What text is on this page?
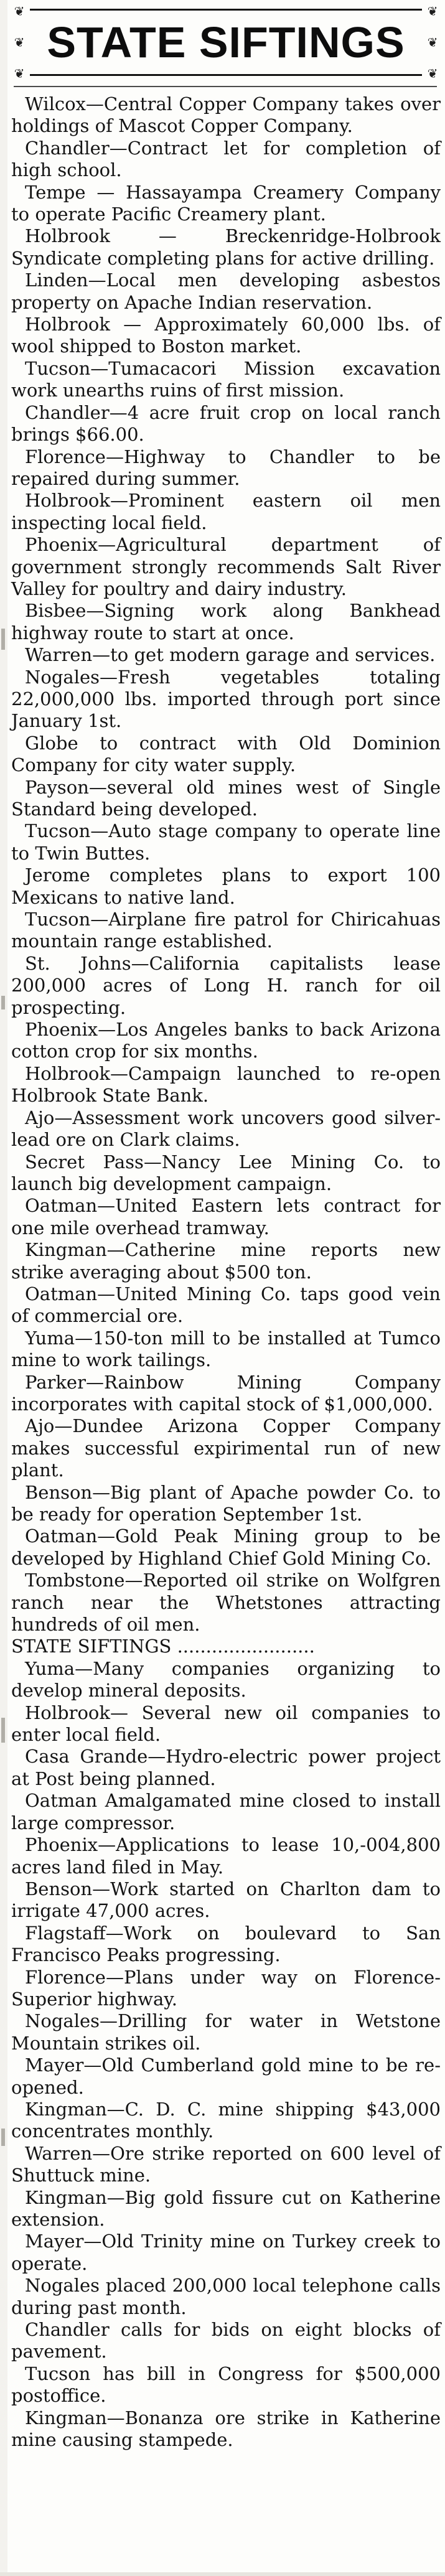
❦
❦
❦
STATE SIFTINGS
❦
❦
❦
Wilcox—Central Copper Company takes over holdings of Mascot Copper Company.
Chandler—Contract let for completion of high school.
Tempe — Hassayampa Creamery Company to operate Pacific Creamery plant.
Holbrook — Breckenridge-Holbrook Syndicate completing plans for active drilling.
Linden—Local men developing asbestos property on Apache Indian reservation.
Holbrook — Approximately 60,000 lbs. of wool shipped to Boston market.
Tucson—Tumacacori Mission excavation work unearths ruins of first mission.
Chandler—4 acre fruit crop on local ranch brings $66.00.
Florence—Highway to Chandler to be repaired during summer.
Holbrook—Prominent eastern oil men inspecting local field.
Phoenix—Agricultural department of government strongly recommends Salt River Valley for poultry and dairy industry.
Bisbee—Signing work along Bankhead highway route to start at once.
Warren—to get modern garage and services.
Nogales—Fresh vegetables totaling 22,000,000 lbs. imported through port since January 1st.
Globe to contract with Old Dominion Company for city water supply.
Payson—several old mines west of Single Standard being developed.
Tucson—Auto stage company to operate line to Twin Buttes.
Jerome completes plans to export 100 Mexicans to native land.
Tucson—Airplane fire patrol for Chiricahuas mountain range established.
St. Johns—California capitalists lease 200,000 acres of Long H. ranch for oil prospecting.
Phoenix—Los Angeles banks to back Arizona cotton crop for six months.
Holbrook—Campaign launched to re-open Holbrook State Bank.
Ajo—Assessment work uncovers good silver-lead ore on Clark claims.
Secret Pass—Nancy Lee Mining Co. to launch big development campaign.
Oatman—United Eastern lets contract for one mile overhead tramway.
Kingman—Catherine mine reports new strike averaging about $500 ton.
Oatman—United Mining Co. taps good vein of commercial ore.
Yuma—150-ton mill to be installed at Tumco mine to work tailings.
Parker—Rainbow Mining Company incorporates with capital stock of $1,000,000.
Ajo—Dundee Arizona Copper Company makes successful expirimental run of new plant.
Benson—Big plant of Apache powder Co. to be ready for operation September 1st.
Oatman—Gold Peak Mining group to be developed by Highland Chief Gold Mining Co.
Tombstone—Reported oil strike on Wolfgren ranch near the Whetstones attracting hundreds of oil men.
STATE SIFTINGS ........................
Yuma—Many companies organizing to develop mineral deposits.
Holbrook— Several new oil companies to enter local field.
Casa Grande—Hydro-electric power project at Post being planned.
Oatman Amalgamated mine closed to install large compressor.
Phoenix—Applications to lease 10,-004,800 acres land filed in May.
Benson—Work started on Charlton dam to irrigate 47,000 acres.
Flagstaff—Work on boulevard to San Francisco Peaks progressing.
Florence—Plans under way on Florence-Superior highway.
Nogales—Drilling for water in Wetstone Mountain strikes oil.
Mayer—Old Cumberland gold mine to be re-opened.
Kingman—C. D. C. mine shipping $43,000 concentrates monthly.
Warren—Ore strike reported on 600 level of Shuttuck mine.
Kingman—Big gold fissure cut on Katherine extension.
Mayer—Old Trinity mine on Turkey creek to operate.
Nogales placed 200,000 local telephone calls during past month.
Chandler calls for bids on eight blocks of pavement.
Tucson has bill in Congress for $500,000 postoffice.
Kingman—Bonanza ore strike in Katherine mine causing stampede.
